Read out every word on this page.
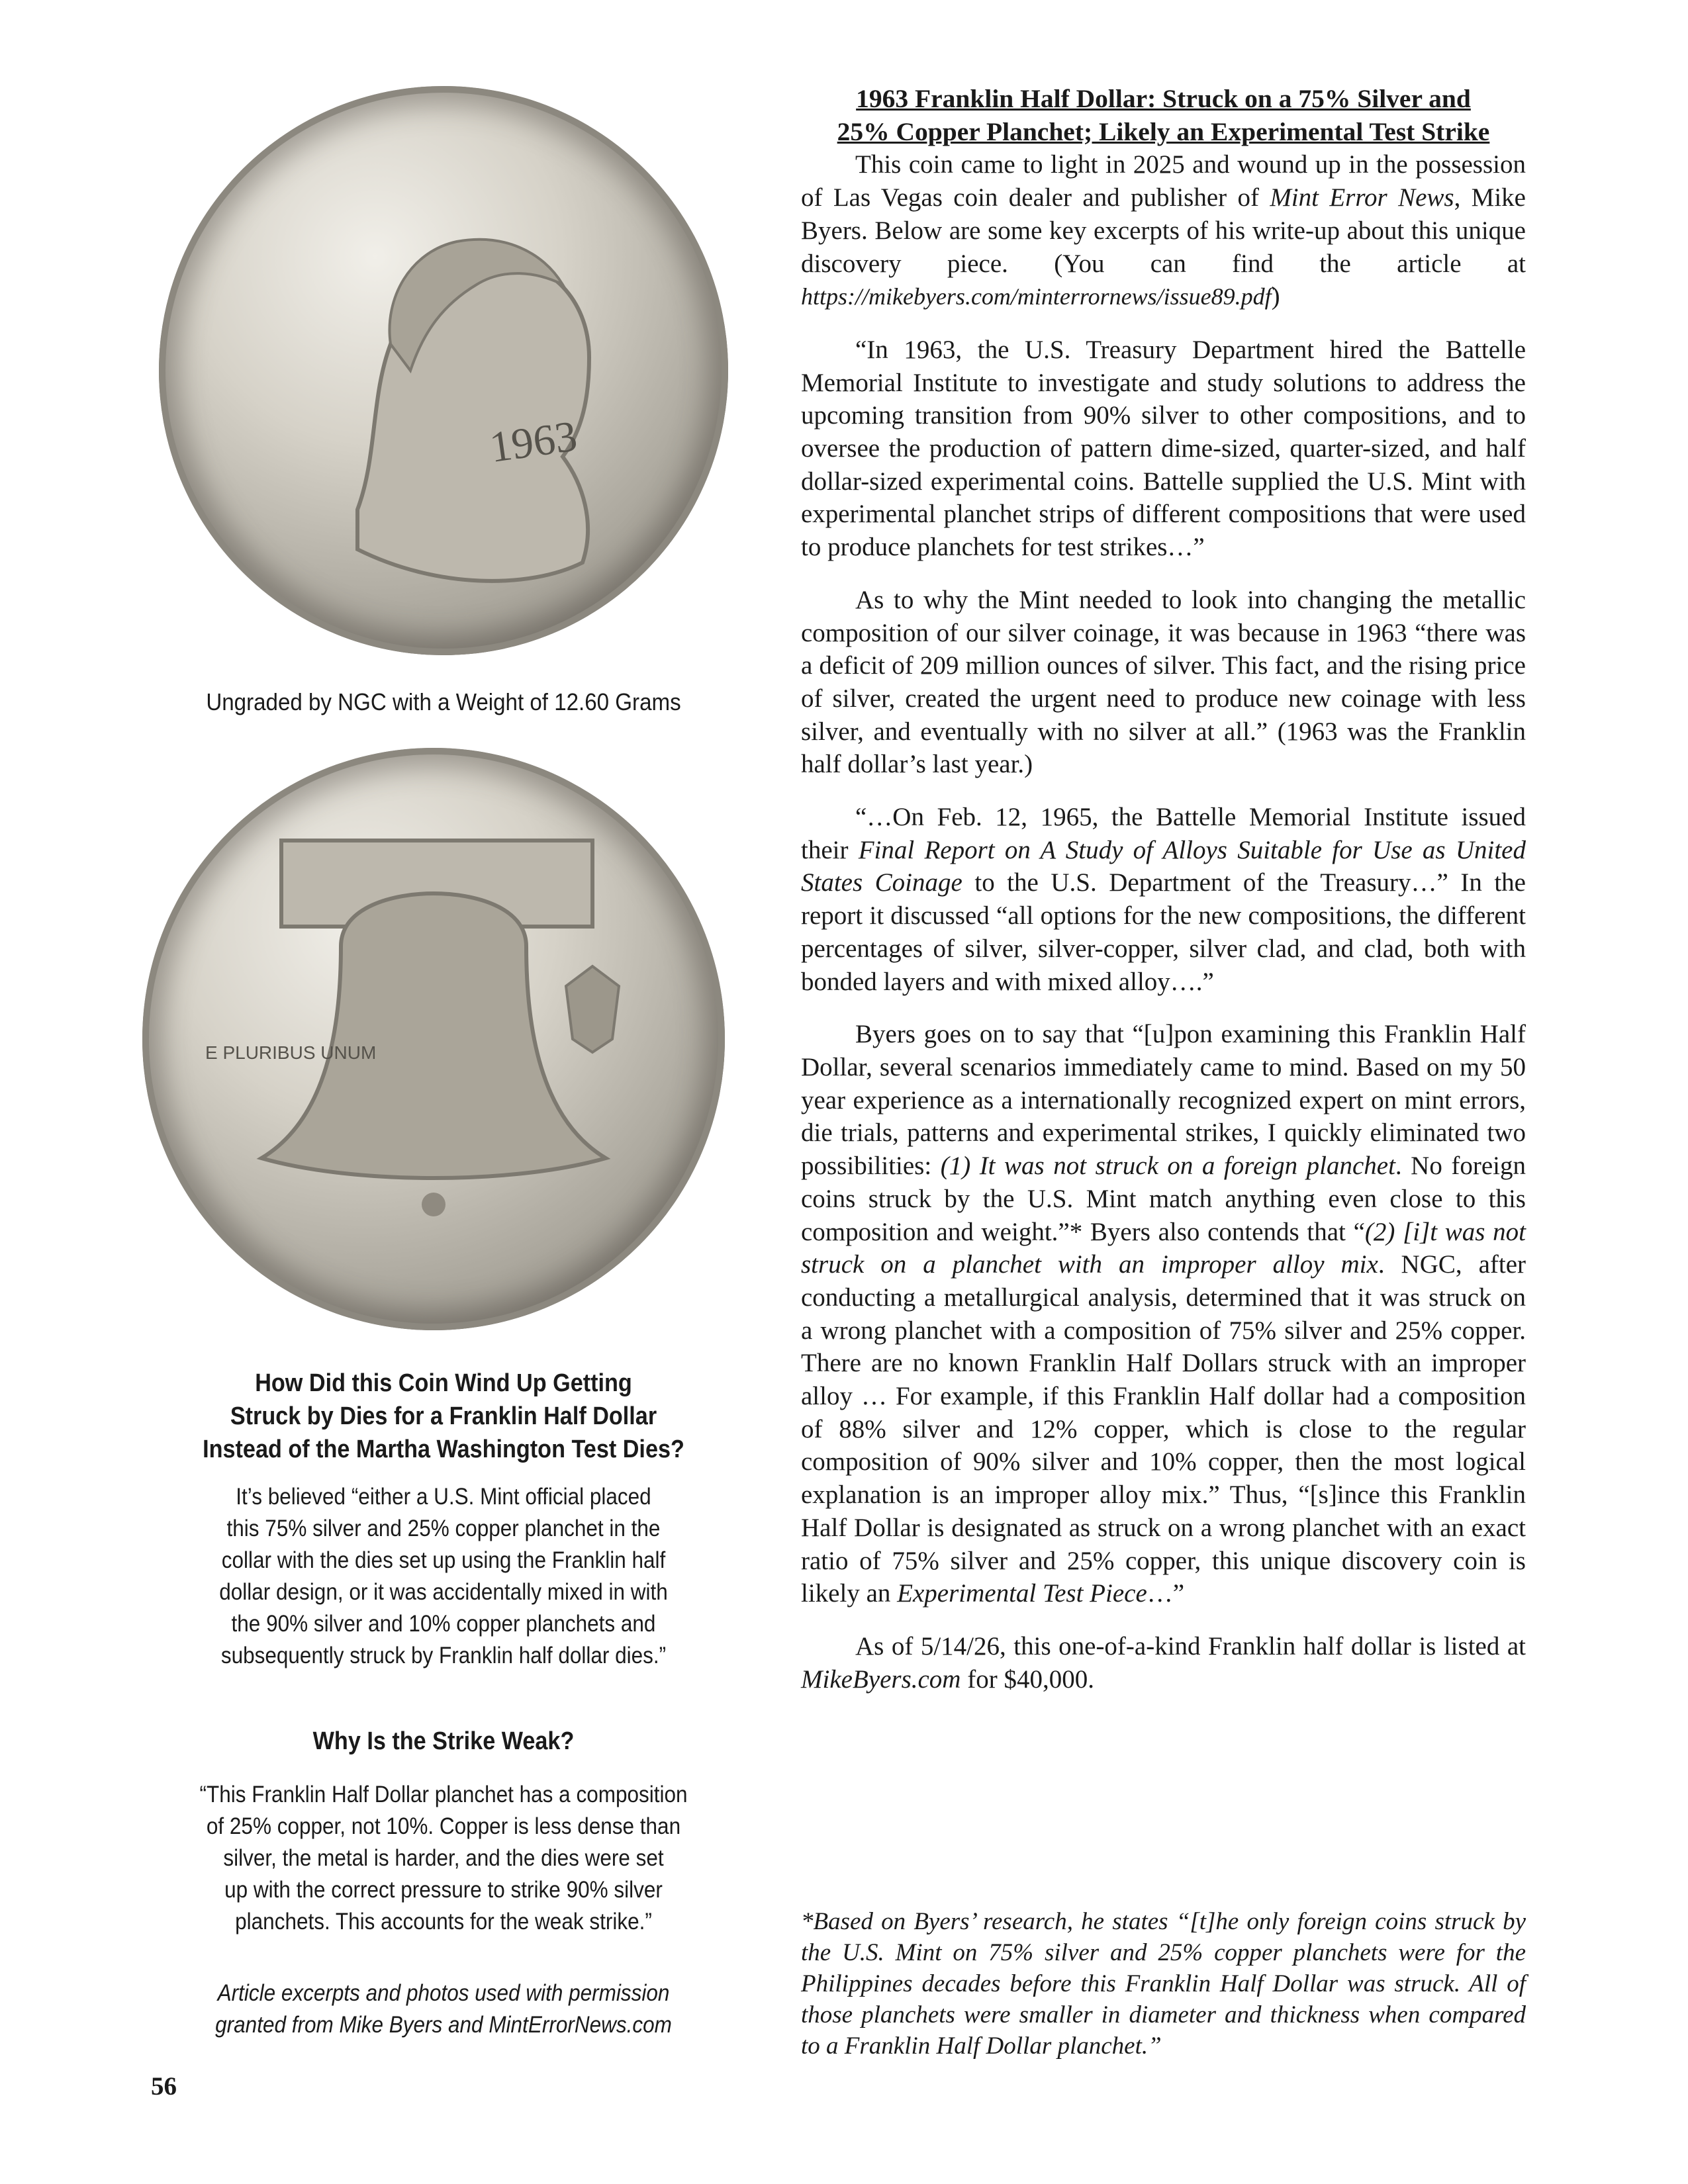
1963
E PLURIBUS UNUM
Ungraded by NGC with a Weight of 12.60 Grams
How Did this Coin Wind Up Getting
Struck by Dies for a Franklin Half Dollar
Instead of the Martha Washington Test Dies?
It’s believed “either a U.S. Mint official placed
this 75% silver and 25% copper planchet in the
collar with the dies set up using the Franklin half
dollar design, or it was accidentally mixed in with
the 90% silver and 10% copper planchets and
subsequently struck by Franklin half dollar dies.”
Why Is the Strike Weak?
“This Franklin Half Dollar planchet has a composition
of 25% copper, not 10%. Copper is less dense than
silver, the metal is harder, and the dies were set
up with the correct pressure to strike 90% silver
planchets. This accounts for the weak strike.”
Article excerpts and photos used with permission
granted from Mike Byers and MintErrorNews.com
1963 Franklin Half Dollar: Struck on a 75% Silver and
25% Copper Planchet; Likely an Experimental Test Strike

This coin came to light in 2025 and wound up in the possession of Las Vegas coin dealer and publisher of Mint Error News, Mike Byers. Below are some key excerpts of his write-up about this unique discovery piece. (You can find the article at https://mikebyers.com/minterrornews/issue89.pdf)

“In 1963, the U.S. Treasury Department hired the Battelle Memorial Institute to investigate and study solutions to address the upcoming transition from 90% silver to other compositions, and to oversee the production of pattern dime-sized, quarter-sized, and half dollar-sized experimental coins. Battelle supplied the U.S. Mint with experimental planchet strips of different compositions that were used to produce planchets for test strikes…”

As to why the Mint needed to look into changing the metallic composition of our silver coinage, it was because in 1963 “there was a deficit of 209 million ounces of silver. This fact, and the rising price of silver, created the urgent need to produce new coinage with less silver, and eventually with no silver at all.” (1963 was the Franklin half dollar’s last year.)

“…On Feb. 12, 1965, the Battelle Memorial Institute issued their Final Report on A Study of Alloys Suitable for Use as United States Coinage to the U.S. Department of the Treasury…” In the report it discussed “all options for the new compositions, the different percentages of silver, silver-copper, silver clad, and clad, both with bonded layers and with mixed alloy….”

Byers goes on to say that “[u]pon examining this Franklin Half Dollar, several scenarios immediately came to mind. Based on my 50 year experience as a internationally recognized expert on mint errors, die trials, patterns and experimental strikes, I quickly eliminated two possibilities: (1) It was not struck on a foreign planchet. No foreign coins struck by the U.S. Mint match anything even close to this composition and weight.”* Byers also contends that “(2) [i]t was not struck on a planchet with an improper alloy mix. NGC, after conducting a metallurgical analysis, determined that it was struck on a wrong planchet with a composition of 75% silver and 25% copper. There are no known Franklin Half Dollars struck with an improper alloy … For example, if this Franklin Half dollar had a composition of 88% silver and 12% copper, which is close to the regular composition of 90% silver and 10% copper, then the most logical explanation is an improper alloy mix.” Thus, “[s]ince this Franklin Half Dollar is designated as struck on a wrong planchet with an exact ratio of 75% silver and 25% copper, this unique discovery coin is likely an Experimental Test Piece…”

As of 5/14/26, this one-of-a-kind Franklin half dollar is listed at MikeByers.com for $40,000.

*Based on Byers’ research, he states “[t]he only foreign coins struck by the U.S. Mint on 75% silver and 25% copper planchets were for the Philippines decades before this Franklin Half Dollar was struck. All of those planchets were smaller in diameter and thickness when compared to a Franklin Half Dollar planchet.”
56
